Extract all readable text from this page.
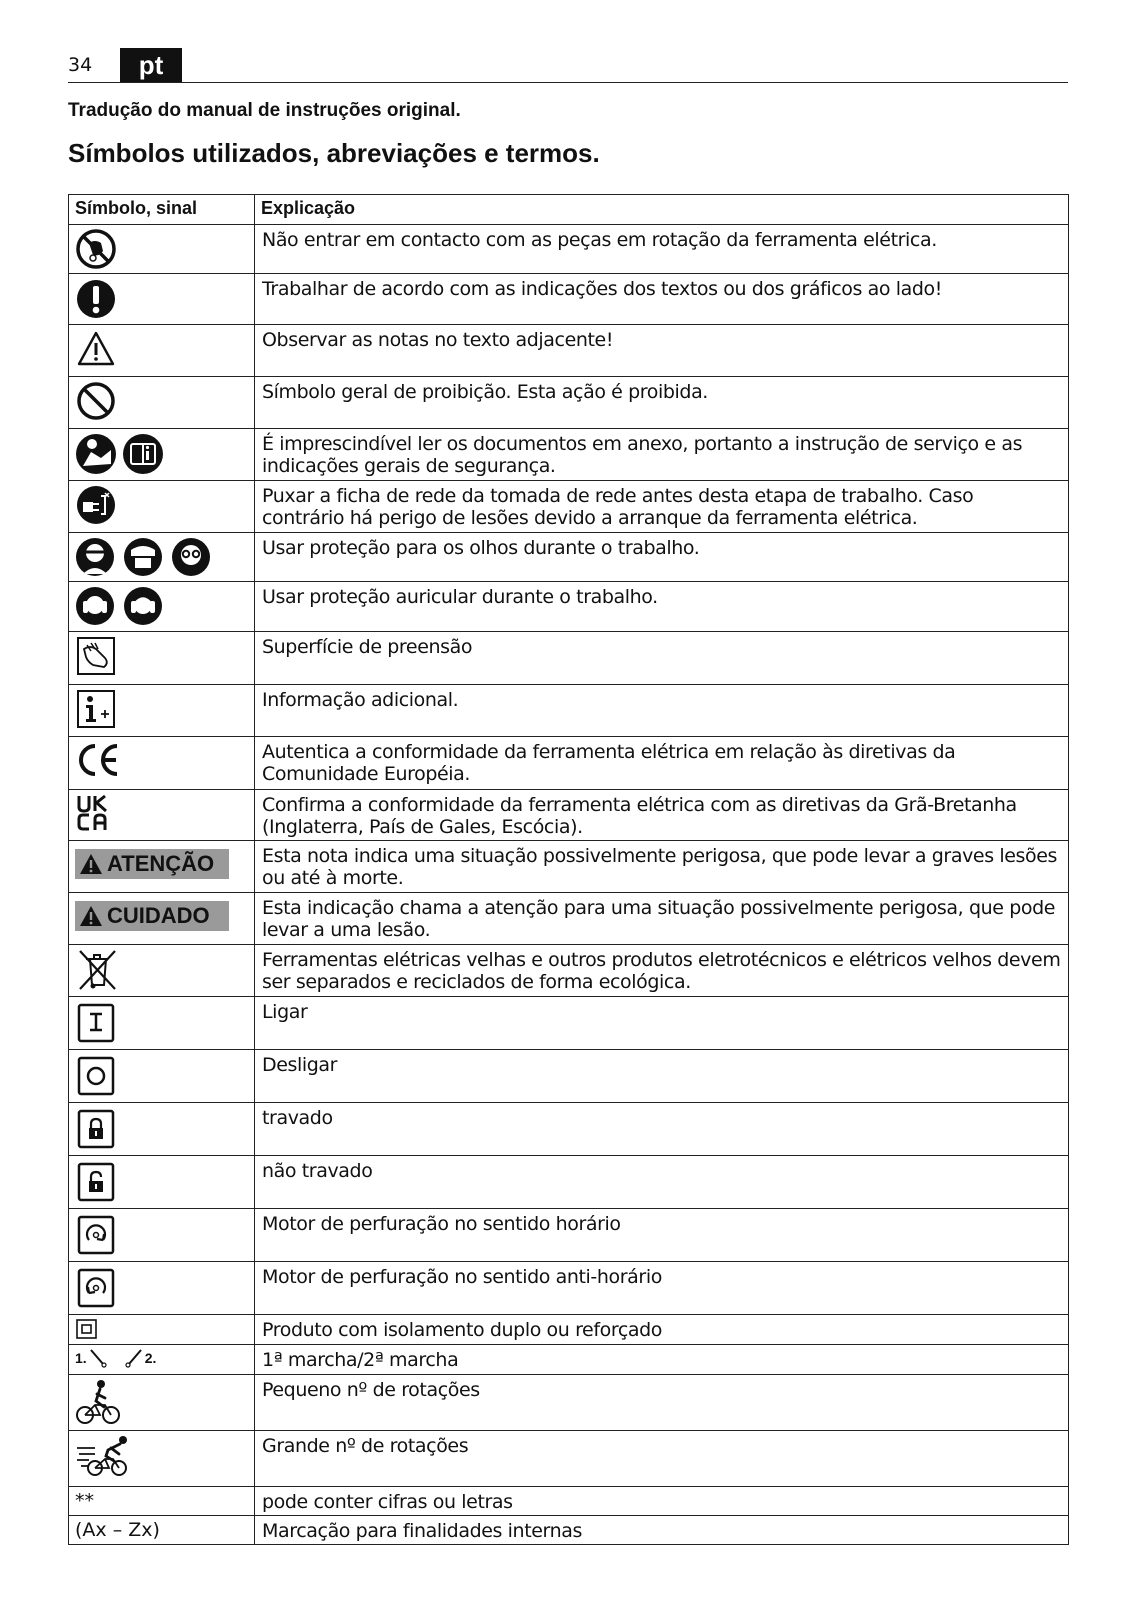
34	pt
Tradução do manual de instruções original.
Símbolos utilizados, abreviações e termos.
Símbolo, sinal	Explicação

	Não entrar em contacto com as peças em rotação da ferramenta elétrica.

	Trabalhar de acordo com as indicações dos textos ou dos gráficos ao lado!

	Observar as notas no texto adjacente!

	Símbolo geral de proibição. Esta ação é proibida.

	É imprescindível ler os documentos em anexo, portanto a instrução de serviço e as indicações gerais de segurança.

	Puxar a ficha de rede da tomada de rede antes desta etapa de trabalho. Caso contrário há perigo de lesões devido a arranque da ferramenta elétrica.

	Usar proteção para os olhos durante o trabalho.

	Usar proteção auricular durante o trabalho.

	Superfície de preensão

	Informação adicional.

	Autentica a conformidade da ferramenta elétrica em relação às diretivas da Comunidade Européia.

	Confirma a conformidade da ferramenta elétrica com as diretivas da Grã-Bretanha (Inglaterra, País de Gales, Escócia).

ATENÇÃO	Esta nota indica uma situação possivelmente perigosa, que pode levar a graves lesões ou até à morte.

CUIDADO	Esta indicação chama a atenção para uma situação possivelmente perigosa, que pode levar a uma lesão.

	Ferramentas elétricas velhas e outros produtos eletrotécnicos e elétricos velhos devem ser separados e reciclados de forma ecológica.

	Ligar

	Desligar

	travado

	não travado

	Motor de perfuração no sentido horário

	Motor de perfuração no sentido anti-horário

	Produto com isolamento duplo ou reforçado

1. 2.	1ª marcha/2ª marcha

	Pequeno nº de rotações

	Grande nº de rotações
**	pode conter cifras ou letras
(Ax – Zx)	Marcação para finalidades internas
